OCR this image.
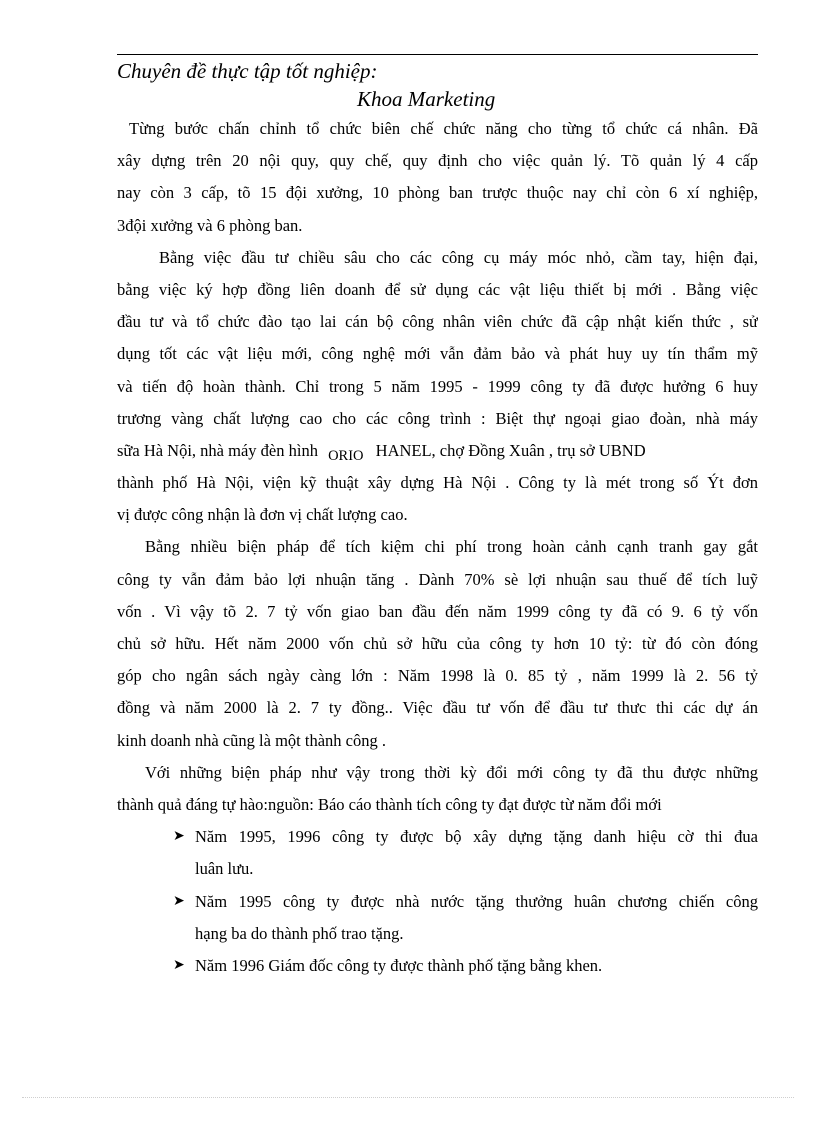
Chuyên đề thực tập tốt nghiệp:
Khoa Marketing
Từng bước chấn chỉnh tổ chức biên chế chức năng cho từng tổ chức cá nhân. Đã
xây dựng trên 20 nội quy, quy chế, quy định cho việc quản lý. Tõ quản lý 4 cấp
nay còn 3 cấp, tõ 15 đội xưởng, 10 phòng ban trược thuộc nay chỉ còn 6 xí nghiệp,
3đội xưởng và 6 phòng ban.
Bằng việc đầu tư chiều sâu cho các công cụ máy móc nhỏ, cầm tay, hiện đại,
bằng việc ký hợp đồng liên doanh để sử dụng các vật liệu thiết bị mới . Bằng việc
đầu tư và tổ chức đào tạo lai cán bộ công nhân viên chức đã cập nhật kiến thức , sử
dụng tốt các vật liệu mới, công nghệ mới vẫn đảm bảo và phát huy uy tín thẩm mỹ
và tiến độ hoàn thành. Chỉ trong 5 năm 1995 - 1999 công ty đã được hưởng 6 huy
trương vàng chất lượng cao cho các công trình : Biệt thự ngoại giao đoàn, nhà máy
sữa Hà Nội, nhà máy đèn hình ORIO HANEL, chợ Đồng Xuân , trụ sở UBND
thành phố Hà Nội, viện kỹ thuật xây dựng Hà Nội . Công ty là mét trong số Ýt đơn
vị được công nhận là đơn vị chất lượng cao.
Bằng nhiều biện pháp để tích kiệm chi phí trong hoàn cảnh cạnh tranh gay gắt
công ty vẫn đảm bảo lợi nhuận tăng . Dành 70% sè lợi nhuận sau thuế để tích luỹ
vốn . Vì vậy tõ 2. 7 tỷ vốn giao ban đầu đến năm 1999 công ty đã có 9. 6 tỷ vốn
chủ sở hữu. Hết năm 2000 vốn chủ sở hữu của công ty hơn 10 tỷ: từ đó còn đóng
góp cho ngân sách ngày càng lớn : Năm 1998 là 0. 85 tỷ , năm 1999 là 2. 56 tỷ
đồng và năm 2000 là 2. 7 ty đồng.. Việc đầu tư vốn để đầu tư thưc thi các dự án
kinh doanh nhà cũng là một thành công .
Với những biện pháp như vậy trong thời kỳ đổi mới công ty đã thu được những
thành quả đáng tự hào:nguồn: Báo cáo thành tích công ty đạt được từ năm đổi mới
➤ Năm 1995, 1996 công ty được bộ xây dựng tặng danh hiệu cờ thi đua
luân lưu.
➤ Năm 1995 công ty được nhà nước tặng thưởng huân chương chiến công
hạng ba do thành phố trao tặng.
➤ Năm 1996 Giám đốc công ty được thành phố tặng bằng khen.
